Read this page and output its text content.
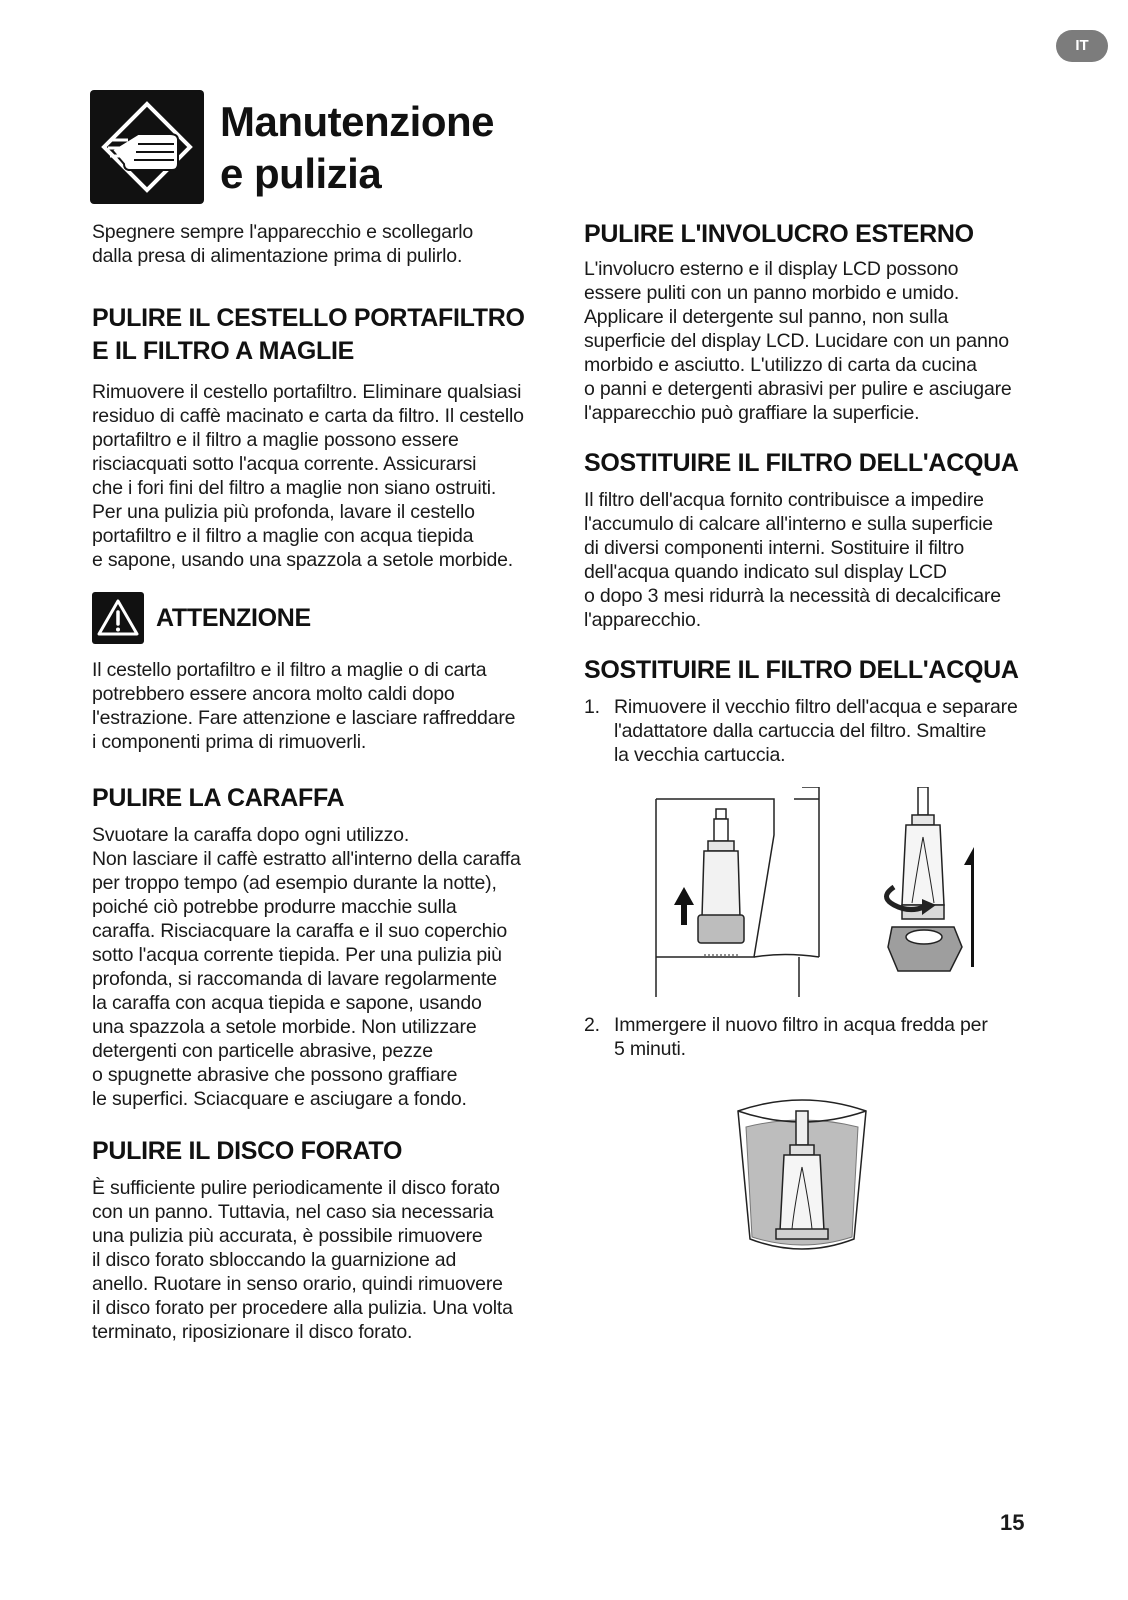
IT
Manutenzione
e pulizia

Spegnere sempre l'apparecchio e scollegarlo
dalla presa di alimentazione prima di pulirlo.

PULIRE IL CESTELLO PORTAFILTRO
E IL FILTRO A MAGLIE

Rimuovere il cestello portafiltro. Eliminare qualsiasi
residuo di caffè macinato e carta da filtro. Il cestello
portafiltro e il filtro a maglie possono essere
risciacquati sotto l'acqua corrente. Assicurarsi
che i fori fini del filtro a maglie non siano ostruiti.
Per una pulizia più profonda, lavare il cestello
portafiltro e il filtro a maglie con acqua tiepida
e sapone, usando una spazzola a setole morbide.

ATTENZIONE

Il cestello portafiltro e il filtro a maglie o di carta
potrebbero essere ancora molto caldi dopo
l'estrazione. Fare attenzione e lasciare raffreddare
i componenti prima di rimuoverli.

PULIRE LA CARAFFA

Svuotare la caraffa dopo ogni utilizzo.
Non lasciare il caffè estratto all'interno della caraffa
per troppo tempo (ad esempio durante la notte),
poiché ciò potrebbe produrre macchie sulla
caraffa. Risciacquare la caraffa e il suo coperchio
sotto l'acqua corrente tiepida. Per una pulizia più
profonda, si raccomanda di lavare regolarmente
la caraffa con acqua tiepida e sapone, usando
una spazzola a setole morbide. Non utilizzare
detergenti con particelle abrasive, pezze
o spugnette abrasive che possono graffiare
le superfici. Sciacquare e asciugare a fondo.

PULIRE IL DISCO FORATO

È sufficiente pulire periodicamente il disco forato
con un panno. Tuttavia, nel caso sia necessaria
una pulizia più accurata, è possibile rimuovere
il disco forato sbloccando la guarnizione ad
anello. Ruotare in senso orario, quindi rimuovere
il disco forato per procedere alla pulizia. Una volta
terminato, riposizionare il disco forato.

PULIRE L'INVOLUCRO ESTERNO

L'involucro esterno e il display LCD possono
essere puliti con un panno morbido e umido.
Applicare il detergente sul panno, non sulla
superficie del display LCD. Lucidare con un panno
morbido e asciutto. L'utilizzo di carta da cucina
o panni e detergenti abrasivi per pulire e asciugare
l'apparecchio può graffiare la superficie.

SOSTITUIRE IL FILTRO DELL'ACQUA

Il filtro dell'acqua fornito contribuisce a impedire
l'accumulo di calcare all'interno e sulla superficie
di diversi componenti interni. Sostituire il filtro
dell'acqua quando indicato sul display LCD
o dopo 3 mesi ridurrà la necessità di decalcificare
l'apparecchio.

SOSTITUIRE IL FILTRO DELL'ACQUA
1. Rimuovere il vecchio filtro dell'acqua e separare
l'adattatore dalla cartuccia del filtro. Smaltire
la vecchia cartuccia.
2. Immergere il nuovo filtro in acqua fredda per
5 minuti.
15
